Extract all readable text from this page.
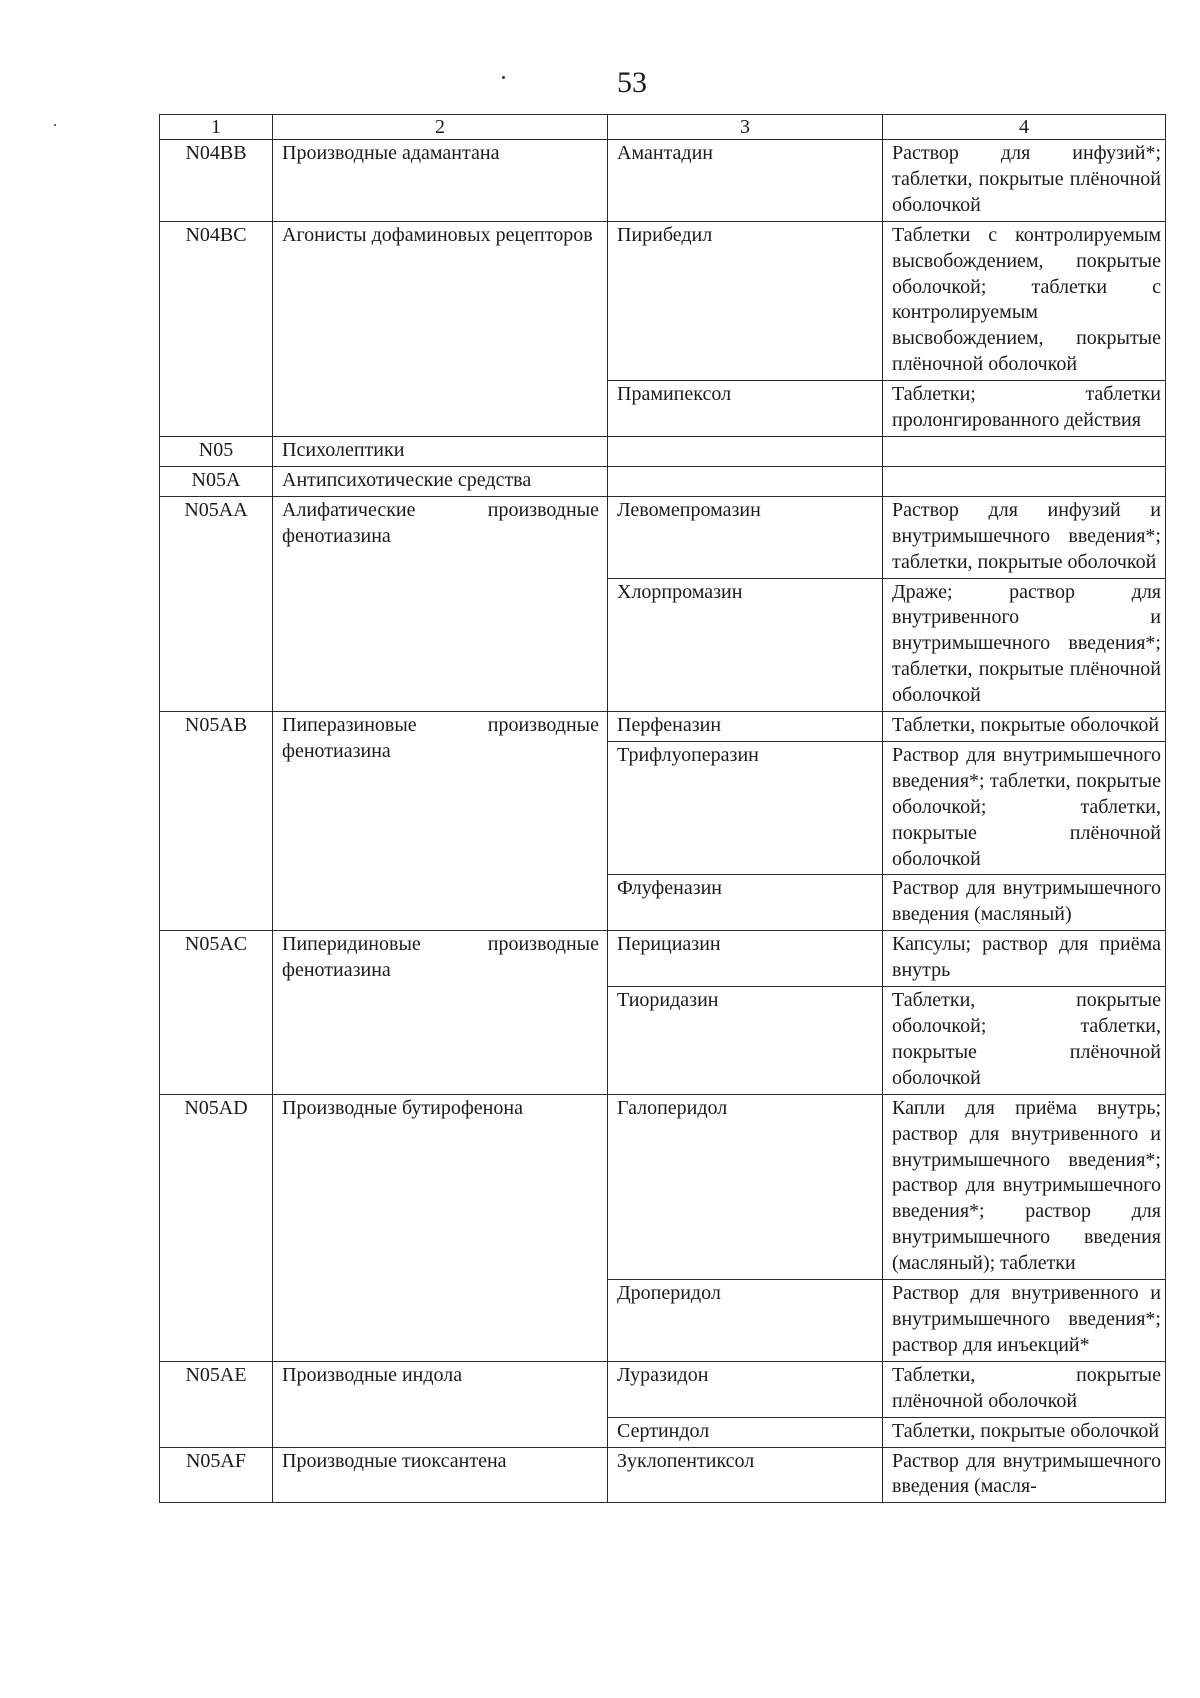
53
1	2	3	4
N04BB	Производные адамантана	Амантадин	Раствор для инфузий*; таблетки, покрытые плёночной оболочкой
N04BC	Агонисты дофаминовых рецепторов	Пирибедил	Таблетки с контролируемым высвобождением, покрытые оболочкой; таблетки с контролируемым высвобождением, покрытые плёночной оболочкой
		Прамипексол	Таблетки; таблетки пролонгированного действия
N05	Психолептики		
N05A	Антипсихотические средства		
N05AA	Алифатические производные фенотиазина	Левомепромазин	Раствор для инфузий и внутримышечного введения*; таблетки, покрытые оболочкой
		Хлорпромазин	Драже; раствор для внутривенного и внутримышечного введения*; таблетки, покрытые плёночной оболочкой
N05AB	Пиперазиновые производные фенотиазина	Перфеназин	Таблетки, покрытые оболочкой
		Трифлуоперазин	Раствор для внутримышечного введения*; таблетки, покрытые оболочкой; таблетки, покрытые плёночной оболочкой
		Флуфеназин	Раствор для внутримышечного введения (масляный)
N05AC	Пиперидиновые производные фенотиазина	Перициазин	Капсулы; раствор для приёма внутрь
		Тиоридазин	Таблетки, покрытые оболочкой; таблетки, покрытые плёночной оболочкой
N05AD	Производные бутирофенона	Галоперидол	Капли для приёма внутрь; раствор для внутривенного и внутримышечного введения*; раствор для внутримышечного введения*; раствор для внутримышечного введения (масляный); таблетки
		Дроперидол	Раствор для внутривенного и внутримышечного введения*; раствор для инъекций*
N05AE	Производные индола	Луразидон	Таблетки, покрытые плёночной оболочкой
		Сертиндол	Таблетки, покрытые оболочкой
N05AF	Производные тиоксантена	Зуклопентиксол	Раствор для внутримышечного введения (масля-
